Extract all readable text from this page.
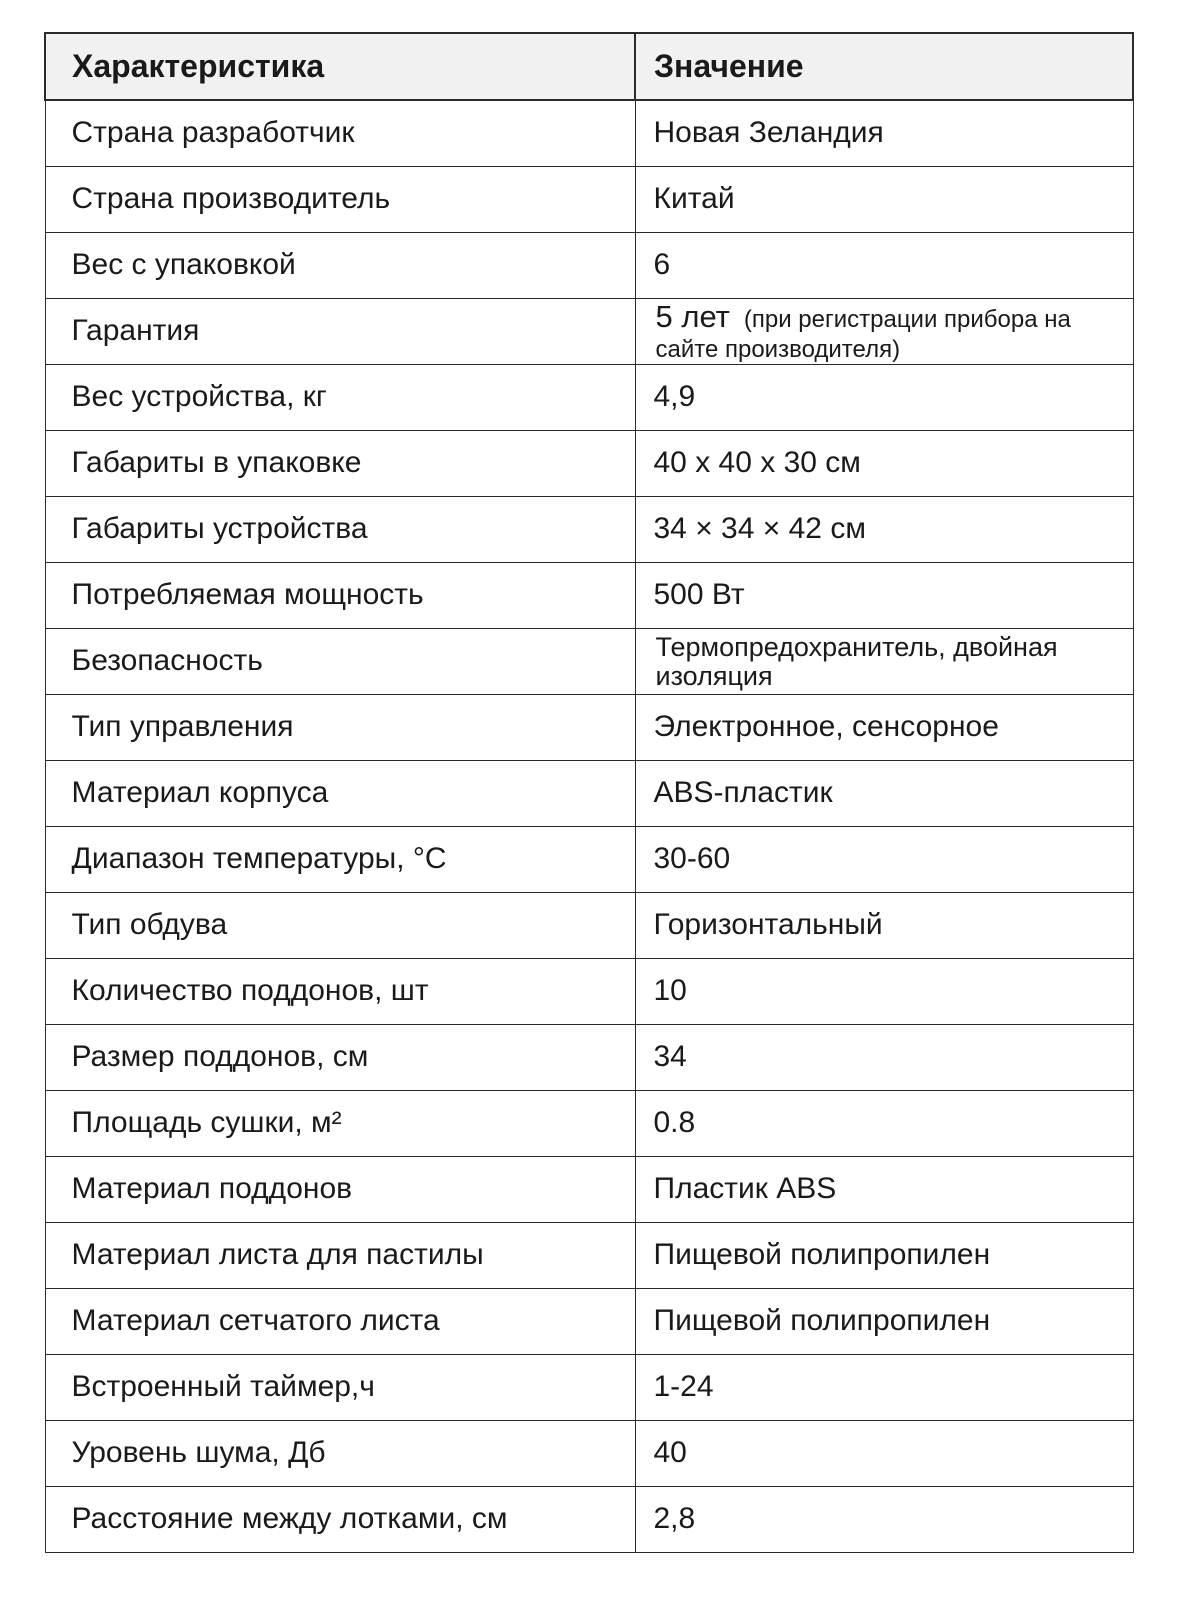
Характеристика	Значение
Страна разработчик	Новая Зеландия
Страна производитель	Китай
Вес с упаковкой	6
Гарантия	5 лет (при регистрации прибора на сайте производителя)
Вес устройства, кг	4,9
Габариты в упаковке	40 x 40 x 30 см
Габариты устройства	34 × 34 × 42 см
Потребляемая мощность	500 Вт
Безопасность	Термопредохранитель, двойная изоляция
Тип управления	Электронное, сенсорное
Материал корпуса	ABS-пластик
Диапазон температуры, °C	30-60
Тип обдува	Горизонтальный
Количество поддонов, шт	10
Размер поддонов, см	34
Площадь сушки, м²	0.8
Материал поддонов	Пластик ABS
Материал листа для пастилы	Пищевой полипропилен
Материал сетчатого листа	Пищевой полипропилен
Встроенный таймер,ч	1-24
Уровень шума, Дб	40
Расстояние между лотками, см	2,8
